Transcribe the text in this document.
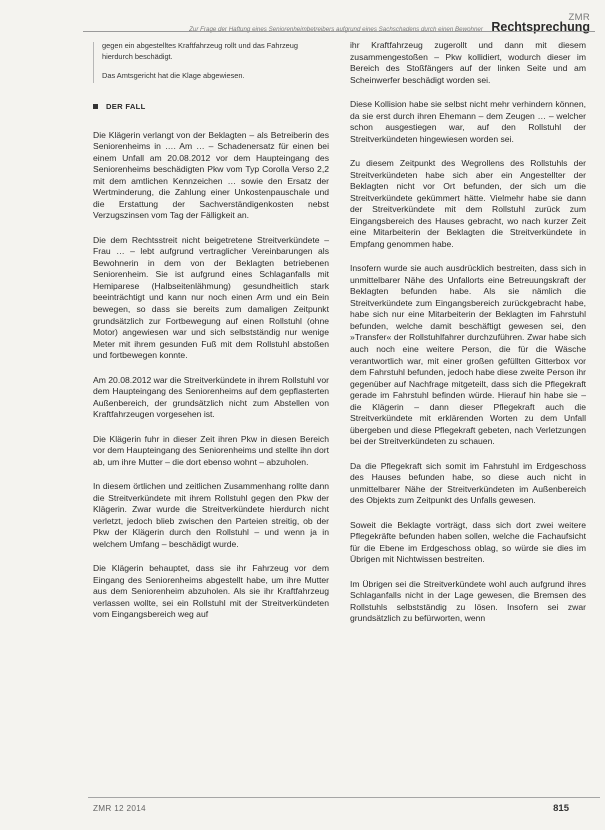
ZMR
Zur Frage der Haftung eines Seniorenheimbetreibers aufgrund eines Sachschadens durch einen Bewohner Rechtsprechung

gegen ein abgestelltes Kraftfahrzeug rollt und das Fahrzeug hierdurch beschädigt.

Das Amtsgericht hat die Klage abgewiesen.

DER FALL

Die Klägerin verlangt von der Beklagten – als Betreiberin des Seniorenheims in …. Am … – Schadenersatz für einen bei einem Unfall am 20.08.2012 vor dem Haupteingang des Seniorenheims beschädigten Pkw vom Typ Corolla Verso 2,2 mit dem amtlichen Kennzeichen … sowie den Ersatz der Wertminderung, die Zahlung einer Unkostenpauschale und die Erstattung der Sachverständigenkosten nebst Verzugszinsen vom Tag der Fälligkeit an.

Die dem Rechtsstreit nicht beigetretene Streitverkündete – Frau … – lebt aufgrund vertraglicher Vereinbarungen als Bewohnerin in dem von der Beklagten betriebenen Seniorenheim. Sie ist aufgrund eines Schlaganfalls mit Hemiparese (Halbseitenlähmung) gesundheitlich stark beeinträchtigt und kann nur noch einen Arm und ein Bein bewegen, so dass sie bereits zum damaligen Zeitpunkt grundsätzlich zur Fortbewegung auf einen Rollstuhl (ohne Motor) angewiesen war und sich selbstständig nur wenige Meter mit ihrem gesunden Fuß mit dem Rollstuhl abstoßen und fortbewegen konnte.

Am 20.08.2012 war die Streitverkündete in ihrem Rollstuhl vor dem Haupteingang des Seniorenheims auf dem gepflasterten Außenbereich, der grundsätzlich nicht zum Abstellen von Kraftfahrzeugen vorgesehen ist.

Die Klägerin fuhr in dieser Zeit ihren Pkw in diesen Bereich vor dem Haupteingang des Seniorenheims und stellte ihn dort ab, um ihre Mutter – die dort ebenso wohnt – abzuholen.

In diesem örtlichen und zeitlichen Zusammenhang rollte dann die Streitverkündete mit ihrem Rollstuhl gegen den Pkw der Klägerin. Zwar wurde die Streitverkündete hierdurch nicht verletzt, jedoch blieb zwischen den Parteien streitig, ob der Pkw der Klägerin durch den Rollstuhl – und wenn ja in welchem Umfang – beschädigt wurde.

Die Klägerin behauptet, dass sie ihr Fahrzeug vor dem Eingang des Seniorenheims abgestellt habe, um ihre Mutter aus dem Seniorenheim abzuholen. Als sie ihr Kraftfahrzeug verlassen wollte, sei ein Rollstuhl mit der Streitverkündeten vom Eingangsbereich weg auf

ihr Kraftfahrzeug zugerollt und dann mit diesem zusammengestoßen – Pkw kollidiert, wodurch dieser im Bereich des Stoßfängers auf der linken Seite und am Scheinwerfer beschädigt worden sei.

Diese Kollision habe sie selbst nicht mehr verhindern können, da sie erst durch ihren Ehemann – dem Zeugen … – welcher schon ausgestiegen war, auf den Rollstuhl der Streitverkündeten hingewiesen worden sei.

Zu diesem Zeitpunkt des Wegrollens des Rollstuhls der Streitverkündeten habe sich aber ein Angestellter der Beklagten nicht vor Ort befunden, der sich um die Streitverkündete gekümmert hätte. Vielmehr habe sie dann der Streitverkündete mit dem Rollstuhl zurück zum Eingangsbereich des Hauses gebracht, wo nach kurzer Zeit eine Mitarbeiterin der Beklagten die Streitverkündete in Empfang genommen habe.

Insofern wurde sie auch ausdrücklich bestreiten, dass sich in unmittelbarer Nähe des Unfallorts eine Betreuungskraft der Beklagten befunden habe. Als sie nämlich die Streitverkündete zum Eingangsbereich zurückgebracht habe, habe sich nur eine Mitarbeiterin der Beklagten im Fahrstuhl befunden, welche damit beschäftigt gewesen sei, den »Transfer« der Rollstuhlfahrer durchzuführen. Zwar habe sich auch noch eine weitere Person, die für die Wäsche verantwortlich war, mit einer großen gefüllten Gitterbox vor dem Fahrstuhl befunden, jedoch habe diese zweite Person ihr gegenüber auf Nachfrage mitgeteilt, dass sich die Pflegekraft gerade im Fahrstuhl befinden würde. Hierauf hin habe sie – die Klägerin – dann dieser Pflegekraft auch die Streitverkündete mit erklärenden Worten zu dem Unfall übergeben und diese Pflegekraft gebeten, nach Verletzungen bei der Streitverkündeten zu schauen.

Da die Pflegekraft sich somit im Fahrstuhl im Erdgeschoss des Hauses befunden habe, so diese auch nicht in unmittelbarer Nähe der Streitverkündeten im Außenbereich des Objekts zum Zeitpunkt des Unfalls gewesen.

Soweit die Beklagte vorträgt, dass sich dort zwei weitere Pflegekräfte befunden haben sollen, welche die Fachaufsicht für die Ebene im Erdgeschoss oblag, so würde sie dies im Übrigen mit Nichtwissen bestreiten.

Im Übrigen sei die Streitverkündete wohl auch aufgrund ihres Schlaganfalls nicht in der Lage gewesen, die Bremsen des Rollstuhls selbstständig zu lösen. Insofern sei zwar grundsätzlich zu befürworten, wenn

ZMR 12 2014	815
